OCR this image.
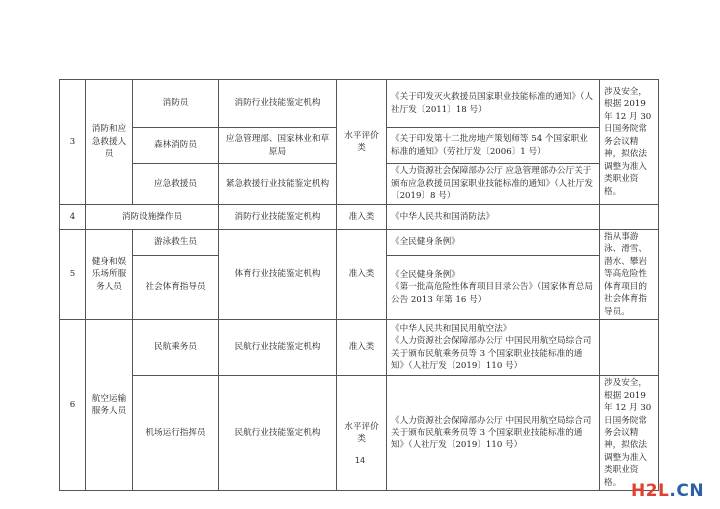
3	消防和应急救援人员	消防员	消防行业技能鉴定机构	水平评价类	《关于印发灭火救援员国家职业技能标准的通知》（人社厅发〔2011〕18 号）	涉及安全，根据 2019 年 12 月 30 日国务院常务会议精神，拟依法调整为准入类职业资格。
		森林消防员	应急管理部、国家林业和草原局		《关于印发第十二批房地产策划师等 54 个国家职业标准的通知》（劳社厅发〔2006〕1 号）	
		应急救援员	紧急救援行业技能鉴定机构		《人力资源社会保障部办公厅 应急管理部办公厅关于颁布应急救援员国家职业技能标准的通知》（人社厅发〔2019〕8 号）	
4	消防设施操作员		消防行业技能鉴定机构	准入类	《中华人民共和国消防法》	
5	健身和娱乐场所服务人员	游泳救生员	体育行业技能鉴定机构	准入类	《全民健身条例》	指从事游泳、滑雪、潜水、攀岩等高危险性体育项目的社会体育指导员。
		社会体育指导员			《全民健身条例》
《第一批高危险性体育项目目录公告》（国家体育总局公告 2013 年第 16 号）	

6	航空运输服务人员	民航乘务员	民航行业技能鉴定机构	准入类	《中华人民共和国民用航空法》
《人力资源社会保障部办公厅 中国民用航空局综合司关于颁布民航乘务员等 3 个国家职业技能标准的通知》（人社厅发〔2019〕110 号）	

		机场运行指挥员	民航行业技能鉴定机构	水平评价类	《人力资源社会保障部办公厅 中国民用航空局综合司关于颁布民航乘务员等 3 个国家职业技能标准的通知》（人社厅发〔2019〕110 号）	涉及安全，根据 2019 年 12 月 30 日国务院常务会议精神，拟依法调整为准入类职业资格。
14
H2L.CN
